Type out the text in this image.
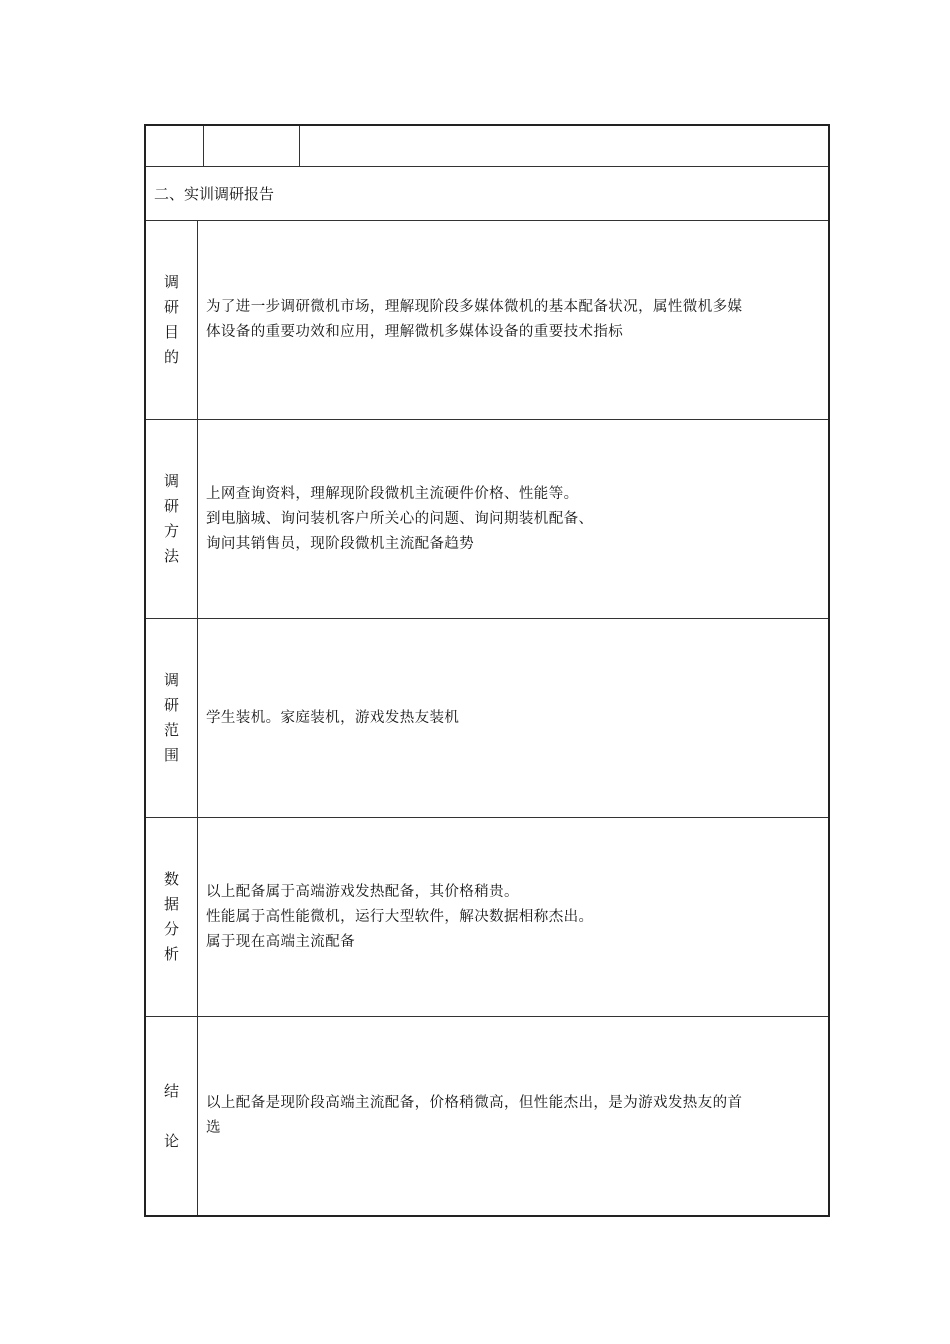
二、实训调研报告
调
研
目
的
为了进一步调研微机市场，理解现阶段多媒体微机的基本配备状况，属性微机多媒
体设备的重要功效和应用，理解微机多媒体设备的重要技术指标
调
研
方
法
上网查询资料，理解现阶段微机主流硬件价格、性能等。
到电脑城、询问装机客户所关心的问题、询问期装机配备、
询问其销售员，现阶段微机主流配备趋势
调
研
范
围
学生装机。家庭装机，游戏发热友装机
数
据
分
析
以上配备属于高端游戏发热配备，其价格稍贵。
性能属于高性能微机，运行大型软件，解决数据相称杰出。
属于现在高端主流配备
结
论
以上配备是现阶段高端主流配备，价格稍微高，但性能杰出，是为游戏发热友的首
选
